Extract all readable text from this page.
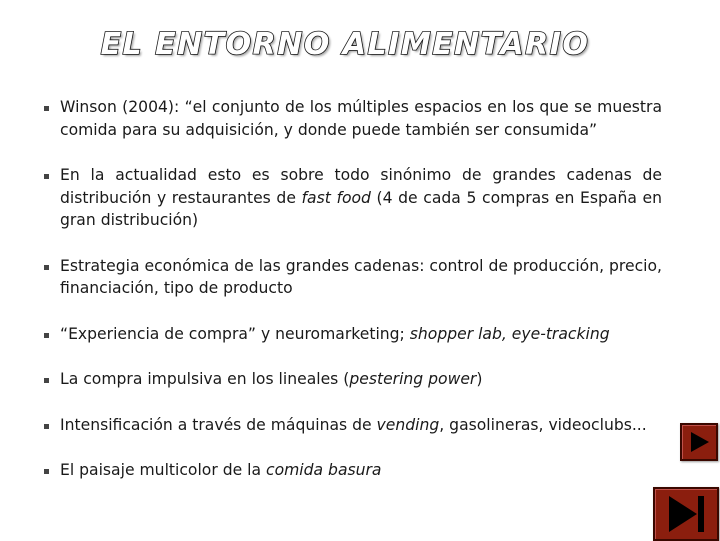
EL ENTORNO ALIMENTARIO
Winson (2004): “el conjunto de los múltiples espacios en los que se muestra comida para su adquisición, y donde puede también ser consumida”
En la actualidad esto es sobre todo sinónimo de grandes cadenas de distribución y restaurantes de fast food (4 de cada 5 compras en España en gran distribución)
Estrategia económica de las grandes cadenas: control de producción, precio, financiación, tipo de producto
“Experiencia de compra” y neuromarketing; shopper lab, eye-tracking
La compra impulsiva en los lineales (pestering power)
Intensificación a través de máquinas de vending, gasolineras, videoclubs...
El paisaje multicolor de la comida basura
